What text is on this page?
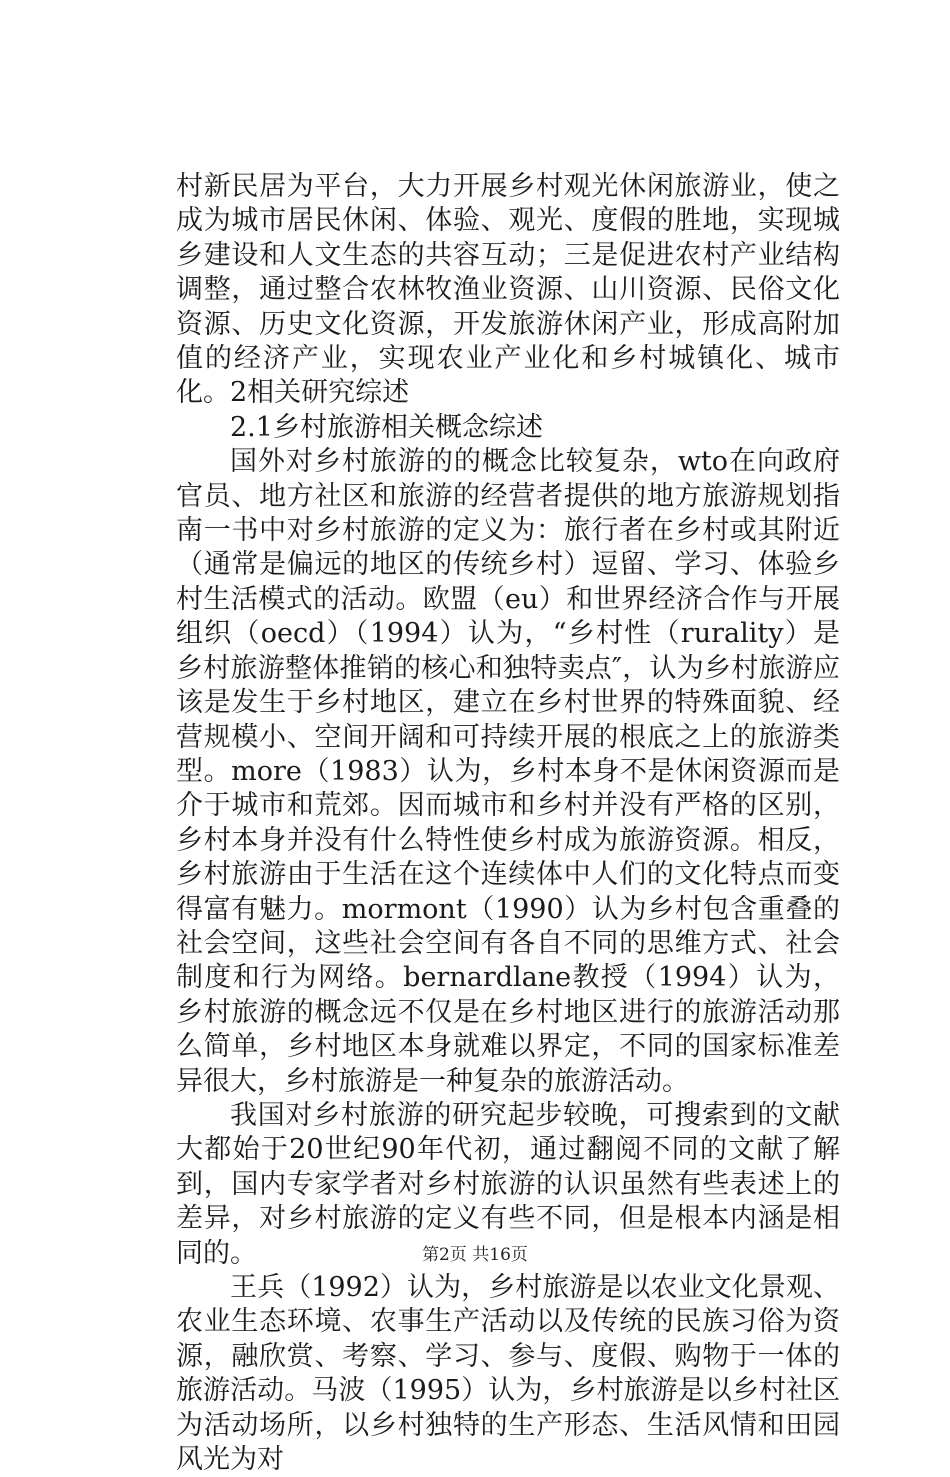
村新民居为平台，大力开展乡村观光休闲旅游业，使之成为城市居民休闲、体验、观光、度假的胜地，实现城乡建设和人文生态的共容互动；三是促进农村产业结构调整，通过整合农林牧渔业资源、山川资源、民俗文化资源、历史文化资源，开发旅游休闲产业，形成高附加值的经济产业，实现农业产业化和乡村城镇化、城市化。2相关研究综述

2.1乡村旅游相关概念综述

国外对乡村旅游的的概念比较复杂，wto在向政府官员、地方社区和旅游的经营者提供的地方旅游规划指南一书中对乡村旅游的定义为：旅行者在乡村或其附近（通常是偏远的地区的传统乡村）逗留、学习、体验乡村生活模式的活动。欧盟（eu）和世界经济合作与开展组织（oecd）（1994）认为，“乡村性（rurality）是乡村旅游整体推销的核心和独特卖点″，认为乡村旅游应该是发生于乡村地区，建立在乡村世界的特殊面貌、经营规模小、空间开阔和可持续开展的根底之上的旅游类型。more（1983）认为，乡村本身不是休闲资源而是介于城市和荒郊。因而城市和乡村并没有严格的区别，乡村本身并没有什么特性使乡村成为旅游资源。相反，乡村旅游由于生活在这个连续体中人们的文化特点而变得富有魅力。mormont（1990）认为乡村包含重叠的社会空间，这些社会空间有各自不同的思维方式、社会制度和行为网络。bernardlane教授（1994）认为，乡村旅游的概念远不仅是在乡村地区进行的旅游活动那么简单，乡村地区本身就难以界定，不同的国家标准差异很大，乡村旅游是一种复杂的旅游活动。

我国对乡村旅游的研究起步较晚，可搜索到的文献大都始于20世纪90年代初，通过翻阅不同的文献了解到，国内专家学者对乡村旅游的认识虽然有些表述上的差异，对乡村旅游的定义有些不同，但是根本内涵是相同的。

王兵（1992）认为，乡村旅游是以农业文化景观、农业生态环境、农事生产活动以及传统的民族习俗为资源，融欣赏、考察、学习、参与、度假、购物于一体的旅游活动。马波（1995）认为，乡村旅游是以乡村社区为活动场所，以乡村独特的生产形态、生活风情和田园风光为对

第2页 共16页
